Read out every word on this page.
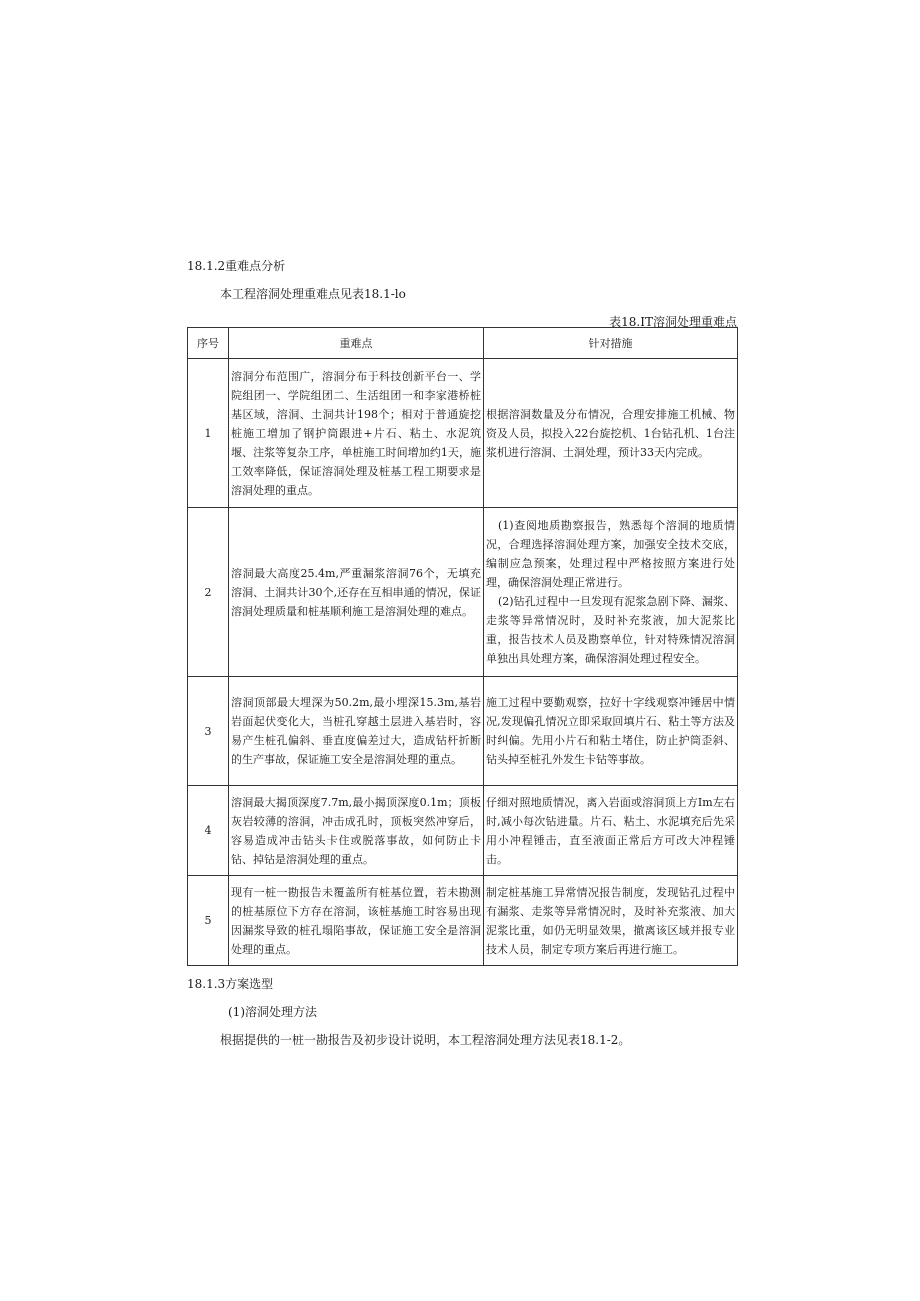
18.1.2重难点分析
本工程溶洞处理重难点见表18.1-lo
表18.IT溶洞处理重难点
序号	重难点	针对措施
1	溶洞分布范围广，溶洞分布于科技创新平台一、学院组团一、学院组团二、生活组团一和李家港桥桩基区域，溶洞、土洞共计198个；相对于普通旋挖桩施工增加了钢护筒跟进+片石、粘土、水泥筑堰、注浆等复杂工序，单桩施工时间增加约1天，施工效率降低，保证溶洞处理及桩基工程工期要求是溶洞处理的重点。	根据溶洞数量及分布情况，合理安排施工机械、物资及人员，拟投入22台旋挖机、1台钻孔机、1台注浆机进行溶洞、土洞处理，预计33天内完成。
2	溶洞最大高度25.4m,严重漏浆溶洞76个，无填充溶洞、土洞共计30个,还存在互相串通的情况，保证溶洞处理质量和桩基顺利施工是溶洞处理的难点。	(1)查阅地质勘察报告，熟悉每个溶洞的地质情况，合理选择溶洞处理方案，加强安全技术交底，编制应急预案，处理过程中严格按照方案进行处理，确保溶洞处理正常进行。

(2)钻孔过程中一旦发现有泥浆急剧下降、漏浆、走浆等异常情况时，及时补充浆液，加大泥浆比重，报告技术人员及勘察单位，针对特殊情况溶洞单独出具处理方案，确保溶洞处理过程安全。

3	溶洞顶部最大埋深为50.2m,最小埋深15.3m,基岩岩面起伏变化大，当桩孔穿越土层进入基岩时，容易产生桩孔偏斜、垂直度偏差过大，造成钻杆折断的生产事故，保证施工安全是溶洞处理的重点。	施工过程中要勤观察，拉好十字线观察冲锤居中情况,发现偏孔情况立即采取回填片石、粘土等方法及时纠偏。先用小片石和粘土堵住，防止护筒歪斜、钻头掉至桩孔外发生卡钻等事故。
4	溶洞最大揭顶深度7.7m,最小揭顶深度0.1m；顶板灰岩较薄的溶洞，冲击成孔时，顶板突然冲穿后，容易造成冲击钻头卡住或脱落事故，如何防止卡钻、掉钻是溶洞处理的重点。	仔细对照地质情况，离入岩面或溶洞顶上方Im左右时,减小每次钻进量。片石、粘土、水泥填充后先采用小冲程锤击，直至液面正常后方可改大冲程锤击。
5	现有一桩一勘报告未覆盖所有桩基位置，若未勘测的桩基原位下方存在溶洞，该桩基施工时容易出现因漏浆导致的桩孔塌陷事故，保证施工安全是溶洞处理的重点。	制定桩基施工异常情况报告制度，发现钻孔过程中有漏浆、走浆等异常情况时，及时补充浆液、加大泥浆比重，如仍无明显效果，撤离该区域并报专业技术人员，制定专项方案后再进行施工。
18.1.3方案选型
(1)溶洞处理方法
根据提供的一桩一勘报告及初步设计说明，本工程溶洞处理方法见表18.1-2。
